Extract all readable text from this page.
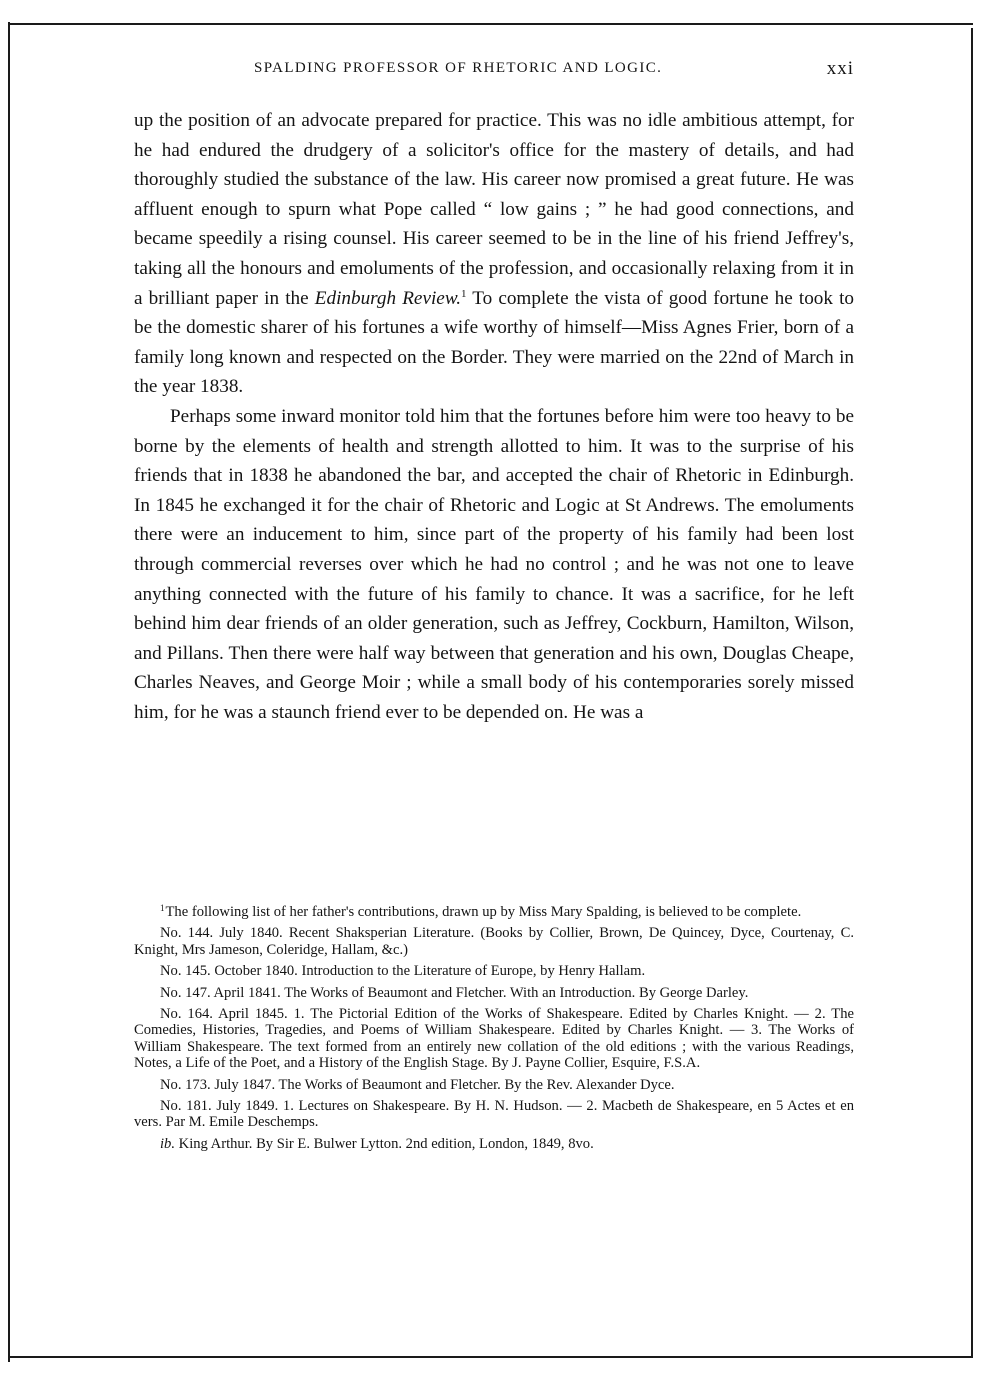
SPALDING PROFESSOR OF RHETORIC AND LOGIC.	xxi

up the position of an advocate prepared for practice. This was no idle ambitious attempt, for he had endured the drudgery of a solicitor's office for the mastery of details, and had thoroughly studied the substance of the law. His career now promised a great future. He was affluent enough to spurn what Pope called “ low gains ; ” he had good connections, and became speedily a rising counsel. His career seemed to be in the line of his friend Jeffrey's, taking all the honours and emoluments of the profession, and occasionally relaxing from it in a brilliant paper in the Edinburgh Review.$^1$ To complete the vista of good fortune he took to be the domestic sharer of his fortunes a wife worthy of himself—Miss Agnes Frier, born of a family long known and respected on the Border. They were married on the 22nd of March in the year 1838.

Perhaps some inward monitor told him that the fortunes before him were too heavy to be borne by the elements of health and strength allotted to him. It was to the surprise of his friends that in 1838 he abandoned the bar, and accepted the chair of Rhetoric in Edinburgh. In 1845 he exchanged it for the chair of Rhetoric and Logic at St Andrews. The emoluments there were an inducement to him, since part of the property of his family had been lost through commercial reverses over which he had no control ; and he was not one to leave anything connected with the future of his family to chance. It was a sacrifice, for he left behind him dear friends of an older generation, such as Jeffrey, Cockburn, Hamilton, Wilson, and Pillans. Then there were half way between that generation and his own, Douglas Cheape, Charles Neaves, and George Moir ; while a small body of his contemporaries sorely missed him, for he was a staunch friend ever to be depended on. He was a

$^1$The following list of her father's contributions, drawn up by Miss Mary Spalding, is believed to be complete.

No. 144. July 1840. Recent Shaksperian Literature. (Books by Collier, Brown, De Quincey, Dyce, Courtenay, C. Knight, Mrs Jameson, Coleridge, Hallam, &c.)

No. 145. October 1840. Introduction to the Literature of Europe, by Henry Hallam.

No. 147. April 1841. The Works of Beaumont and Fletcher. With an Introduction. By George Darley.

No. 164. April 1845. 1. The Pictorial Edition of the Works of Shakespeare. Edited by Charles Knight. — 2. The Comedies, Histories, Tragedies, and Poems of William Shakespeare. Edited by Charles Knight. — 3. The Works of William Shakespeare. The text formed from an entirely new collation of the old editions ; with the various Readings, Notes, a Life of the Poet, and a History of the English Stage. By J. Payne Collier, Esquire, F.S.A.

No. 173. July 1847. The Works of Beaumont and Fletcher. By the Rev. Alexander Dyce.

No. 181. July 1849. 1. Lectures on Shakespeare. By H. N. Hudson. — 2. Macbeth de Shakespeare, en 5 Actes et en vers. Par M. Emile Deschemps.

ib. King Arthur. By Sir E. Bulwer Lytton. 2nd edition, London, 1849, 8vo.
